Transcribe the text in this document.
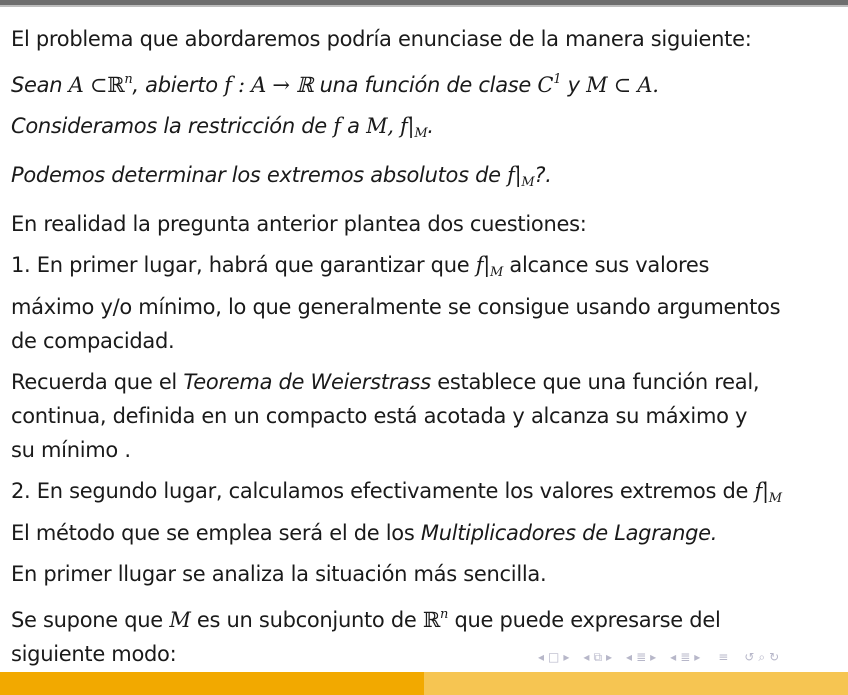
El problema que abordaremos podría enunciase de la manera siguiente:

Sean A ⊂ℝ$^n$, abierto f : A → ℝ una función de clase $C^1$ y M ⊂ A.

Consideramos la restricción de f a M, $f|_M$.

Podemos determinar los extremos absolutos de $f|_M$?.

En realidad la pregunta anterior plantea dos cuestiones:

1. En primer lugar, habrá que garantizar que $f|_M$ alcance sus valores

máximo y/o mínimo, lo que generalmente se consigue usando argumentos

de compacidad.

Recuerda que el Teorema de Weierstrass establece que una función real,

continua, definida en un compacto está acotada y alcanza su máximo y

su mínimo .

2. En segundo lugar, calculamos efectivamente los valores extremos de $f|_M$

El método que se emplea será el de los Multiplicadores de Lagrange.

En primer llugar se analiza la situación más sencilla.

Se supone que M es un subconjunto de ℝ$^n$ que puede expresarse del

siguiente modo:	◂ □ ▸ ◂ ⧉ ▸ ◂ ≣ ▸ ◂ ≣ ▸ ≡ ↺ ⌕ ↻
